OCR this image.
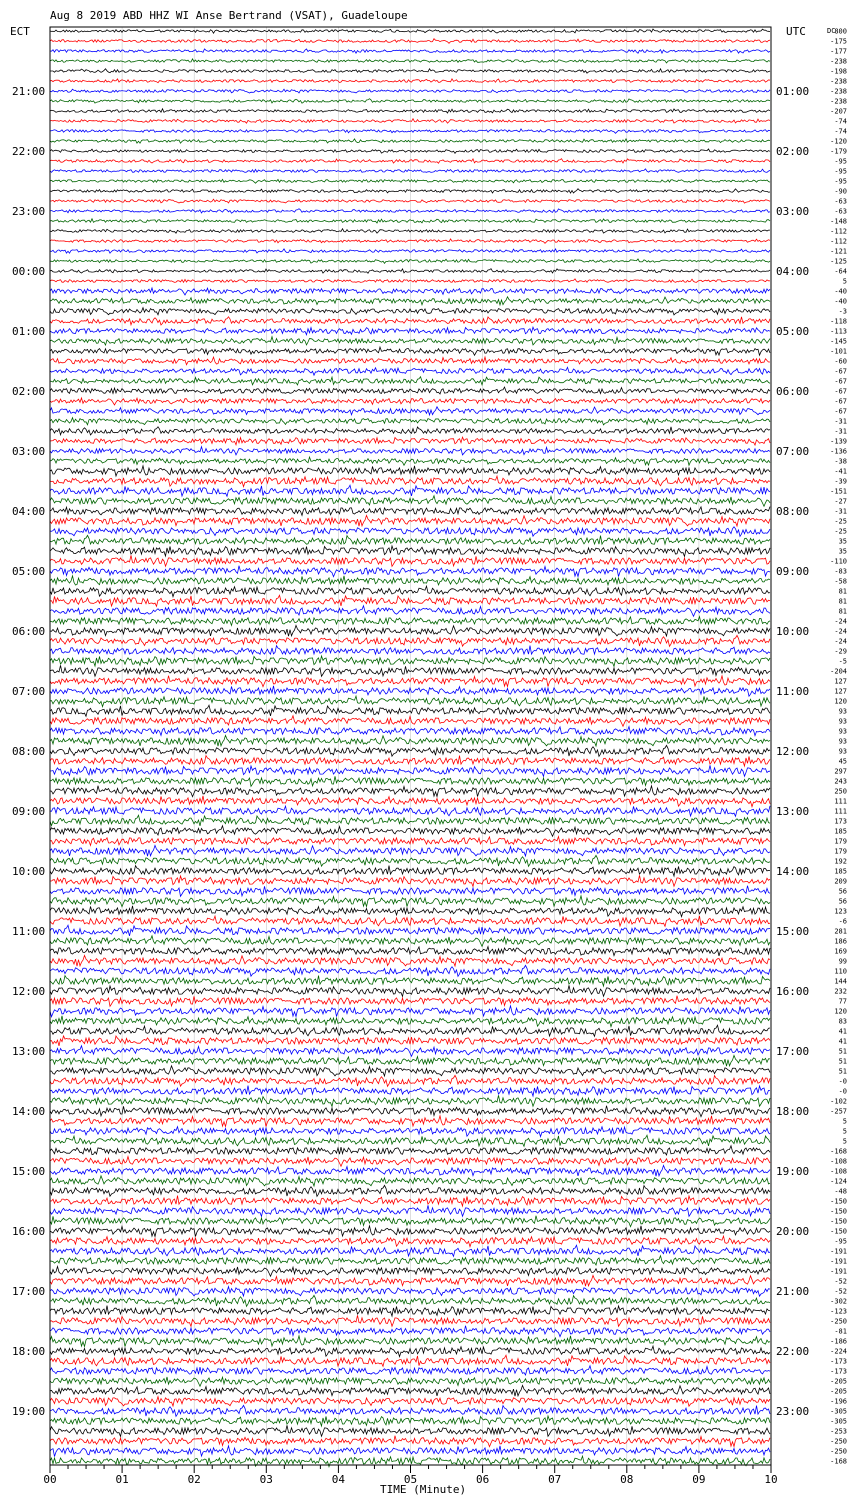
Aug 8 2019 ABD HHZ WI Anse Bertrand (VSAT), Guadeloupe
ECT	UTC
21:00
22:00
23:00
00:00
01:00
02:00
03:00
04:00
05:00
06:00
07:00
08:00
09:00
10:00
11:00
12:00
13:00
14:00
15:00
16:00
17:00
18:00
19:00
01:00
02:00
03:00
04:00
05:00
06:00
07:00
08:00
09:00
10:00
11:00
12:00
13:00
14:00
15:00
16:00
17:00
18:00
19:00
20:00
21:00
22:00
23:00
DC
800
-175
-177
-238
-198
-238
-238
-238
-207
-74
-74
-120
-179
-95
-95
-95
-90
-63
-63
-148
-112
-112
-121
-125
-64
5
-40
-40
-3
-118
-113
-145
-101
-60
-67
-67
-67
-67
-67
-31
-31
-139
-136
-38
-41
-39
-151
-27
-31
-25
-25
35
35
-110
-83
-58
81
81
81
-24
-24
-24
-29
-5
-204
127
127
120
93
93
93
93
93
45
297
243
250
111
111
173
185
179
179
192
185
209
56
56
123
-6
281
186
169
99
110
144
232
77
120
83
41
41
51
51
51
-0
-0
-102
-257
5
5
5
-168
-108
-108
-124
-48
-150
-150
-150
-150
-95
-191
-191
-191
-52
-52
-302
-123
-250
-81
-186
-224
-173
-173
-205
-205
-196
-305
-305
-253
-250
-250
-168
00	01	02	03	04	05	06	07	08	09	10
TIME (Minute)
